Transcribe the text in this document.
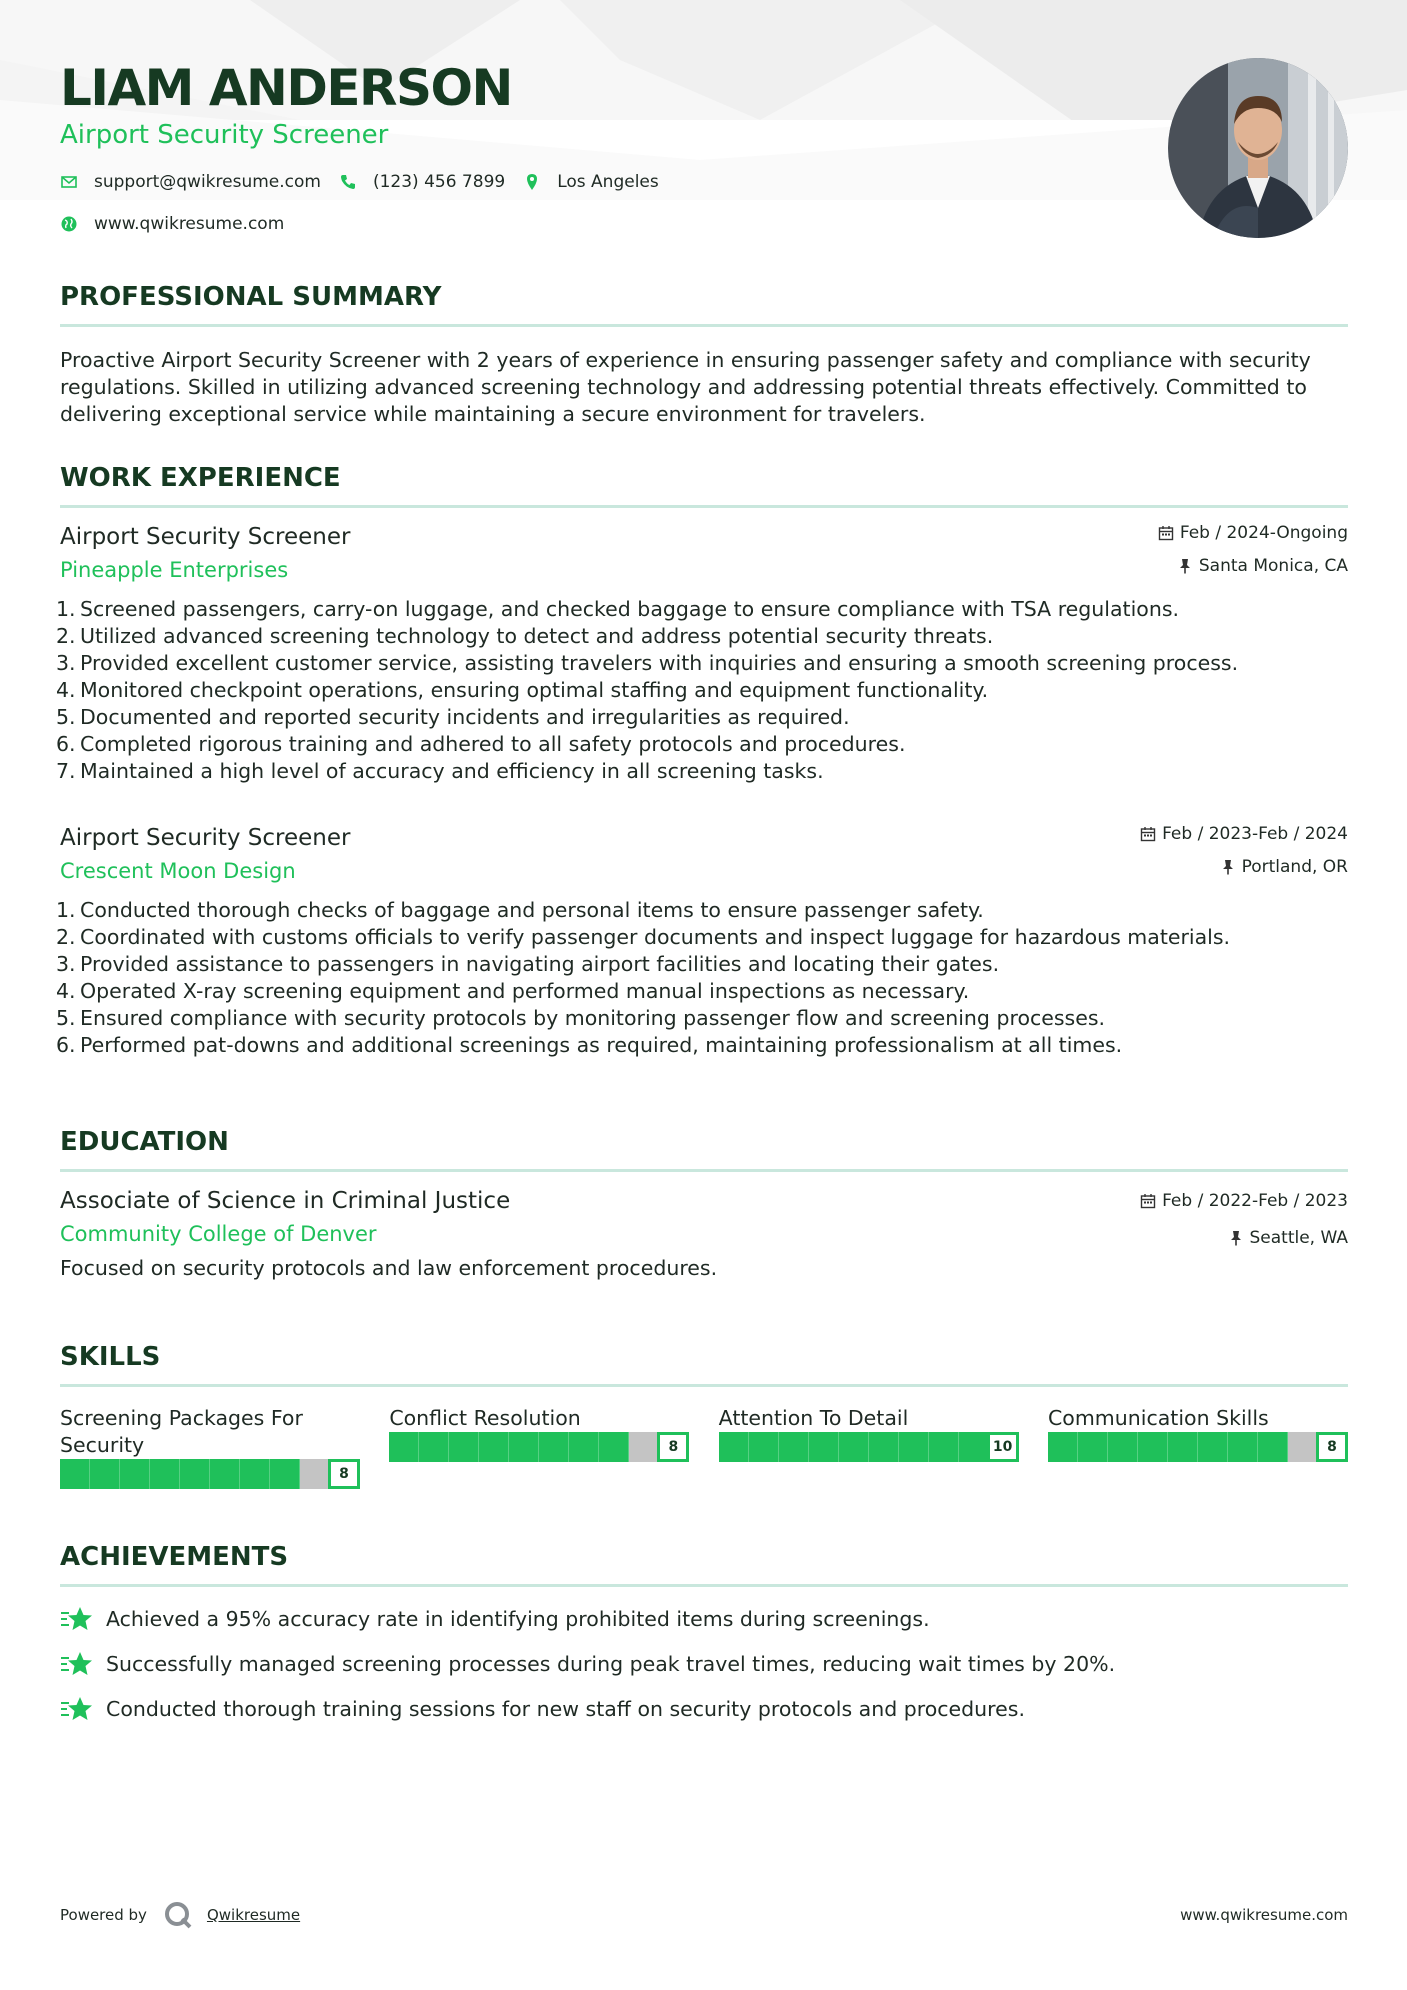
LIAM ANDERSON
Airport Security Screener
support@qwikresume.com	(123) 456 7899	Los Angeles
www.qwikresume.com
PROFESSIONAL SUMMARY
Proactive Airport Security Screener with 2 years of experience in ensuring passenger safety and compliance with security regulations. Skilled in utilizing advanced screening technology and addressing potential threats effectively. Committed to delivering exceptional service while maintaining a secure environment for travelers.
WORK EXPERIENCE
Airport Security Screener
Pineapple Enterprises
Feb / 2024-Ongoing
Santa Monica, CA
1. Screened passengers, carry-on luggage, and checked baggage to ensure compliance with TSA regulations.
2. Utilized advanced screening technology to detect and address potential security threats.
3. Provided excellent customer service, assisting travelers with inquiries and ensuring a smooth screening process.
4. Monitored checkpoint operations, ensuring optimal staffing and equipment functionality.
5. Documented and reported security incidents and irregularities as required.
6. Completed rigorous training and adhered to all safety protocols and procedures.
7. Maintained a high level of accuracy and efficiency in all screening tasks.
Airport Security Screener
Crescent Moon Design
Feb / 2023-Feb / 2024
Portland, OR
1. Conducted thorough checks of baggage and personal items to ensure passenger safety.
2. Coordinated with customs officials to verify passenger documents and inspect luggage for hazardous materials.
3. Provided assistance to passengers in navigating airport facilities and locating their gates.
4. Operated X-ray screening equipment and performed manual inspections as necessary.
5. Ensured compliance with security protocols by monitoring passenger flow and screening processes.
6. Performed pat-downs and additional screenings as required, maintaining professionalism at all times.
EDUCATION
Associate of Science in Criminal Justice
Community College of Denver
Feb / 2022-Feb / 2023
Seattle, WA
Focused on security protocols and law enforcement procedures.
SKILLS
Screening Packages For Security
8
Conflict Resolution
8
Attention To Detail
10
Communication Skills
8
ACHIEVEMENTS
Achieved a 95% accuracy rate in identifying prohibited items during screenings.
Successfully managed screening processes during peak travel times, reducing wait times by 20%.
Conducted thorough training sessions for new staff on security protocols and procedures.
Powered by	Qwikresume	www.qwikresume.com
